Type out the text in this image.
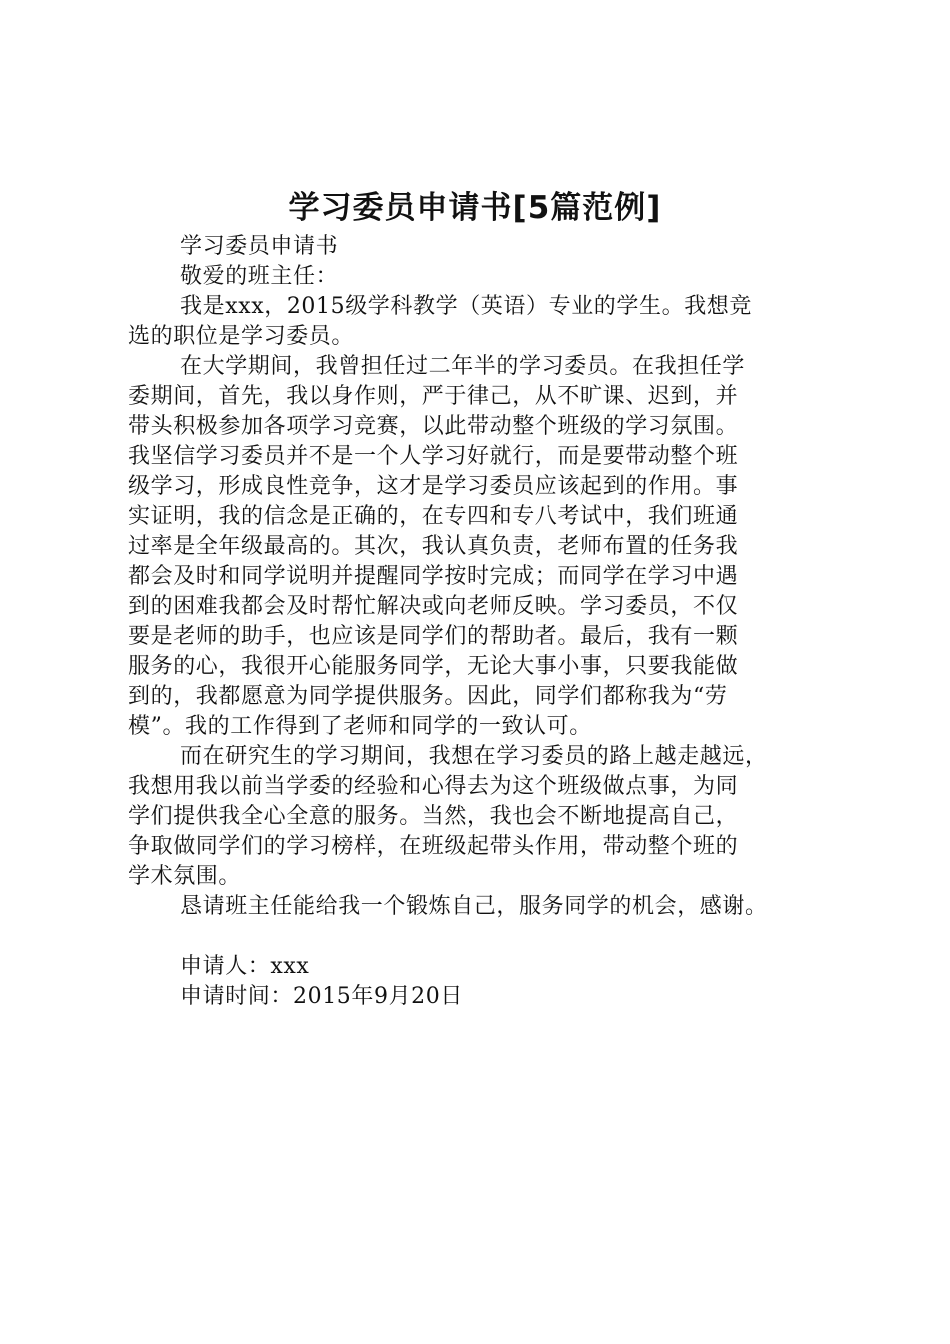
学习委员申请书[5篇范例]

学习委员申请书

敬爱的班主任：

我是xxx，2015级学科教学（英语）专业的学生。我想竞

选的职位是学习委员。

在大学期间，我曾担任过二年半的学习委员。在我担任学

委期间，首先，我以身作则，严于律己，从不旷课、迟到，并

带头积极参加各项学习竞赛，以此带动整个班级的学习氛围。

我坚信学习委员并不是一个人学习好就行，而是要带动整个班

级学习，形成良性竞争，这才是学习委员应该起到的作用。事

实证明，我的信念是正确的，在专四和专八考试中，我们班通

过率是全年级最高的。其次，我认真负责，老师布置的任务我

都会及时和同学说明并提醒同学按时完成；而同学在学习中遇

到的困难我都会及时帮忙解决或向老师反映。学习委员，不仅

要是老师的助手，也应该是同学们的帮助者。最后，我有一颗

服务的心，我很开心能服务同学，无论大事小事，只要我能做

到的，我都愿意为同学提供服务。因此，同学们都称我为“劳

模”。我的工作得到了老师和同学的一致认可。

而在研究生的学习期间，我想在学习委员的路上越走越远，

我想用我以前当学委的经验和心得去为这个班级做点事，为同

学们提供我全心全意的服务。当然，我也会不断地提高自己，

争取做同学们的学习榜样，在班级起带头作用，带动整个班的

学术氛围。

恳请班主任能给我一个锻炼自己，服务同学的机会，感谢。

申请人：xxx

申请时间：2015年9月20日
